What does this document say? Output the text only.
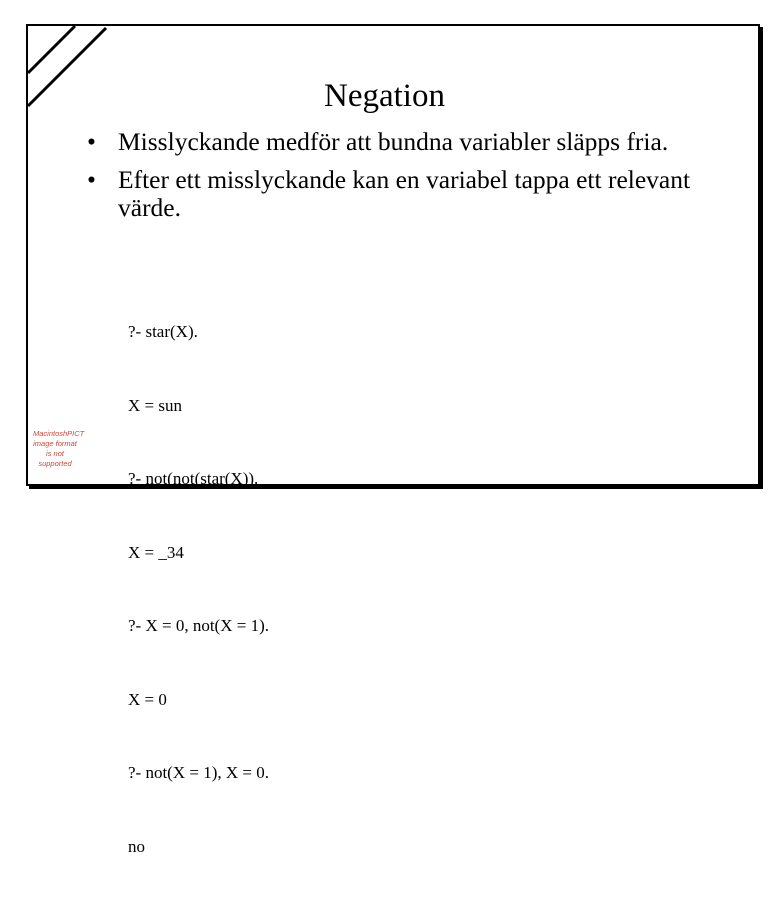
Negation
• Misslyckande medför att bundna variabler släpps fria.
• Efter ett misslyckande kan en variabel tappa ett relevant värde.

?- star(X).

X = sun

?- not(not(star(X)).

X = _34

?- X = 0, not(X = 1).

X = 0

?- not(X = 1), X = 0.

no

MacintoshPICT
image format
is not supported
